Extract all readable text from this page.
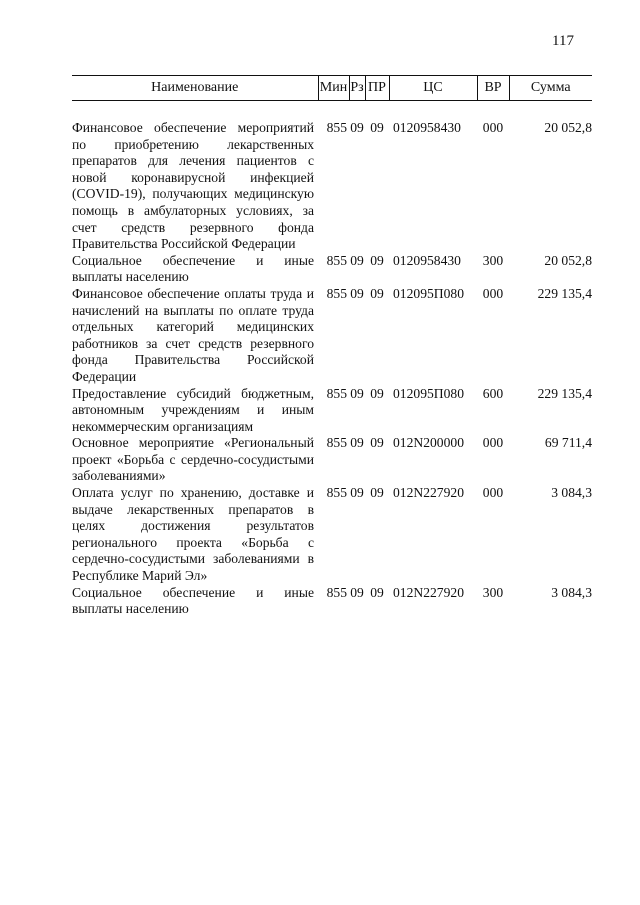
117
Наименование	Мин	Рз	ПР	ЦС	ВР	Сумма

Финансовое обеспечение мероприятий по приобретению лекарственных препаратов для лечения пациентов с новой коронавирусной инфекцией (COVID-19), получающих медицинскую помощь в амбулаторных условиях, за счет средств резервного фонда Правительства Российской Федерации	855	09	09	0120958430	000	20 052,8
Социальное обеспечение и иные выплаты населению	855	09	09	0120958430	300	20 052,8
Финансовое обеспечение оплаты труда и начислений на выплаты по оплате труда отдельных категорий медицинских работников за счет средств резервного фонда Правительства Российской Федерации	855	09	09	012095П080	000	229 135,4
Предоставление субсидий бюджетным, автономным учреждениям и иным некоммерческим организациям	855	09	09	012095П080	600	229 135,4
Основное мероприятие «Региональный проект «Борьба с сердечно-сосудистыми заболеваниями»	855	09	09	012N200000	000	69 711,4
Оплата услуг по хранению, доставке и выдаче лекарственных препаратов в целях достижения результатов регионального проекта «Борьба с сердечно-сосудистыми заболеваниями в Республике Марий Эл»	855	09	09	012N227920	000	3 084,3
Социальное обеспечение и иные выплаты населению	855	09	09	012N227920	300	3 084,3
